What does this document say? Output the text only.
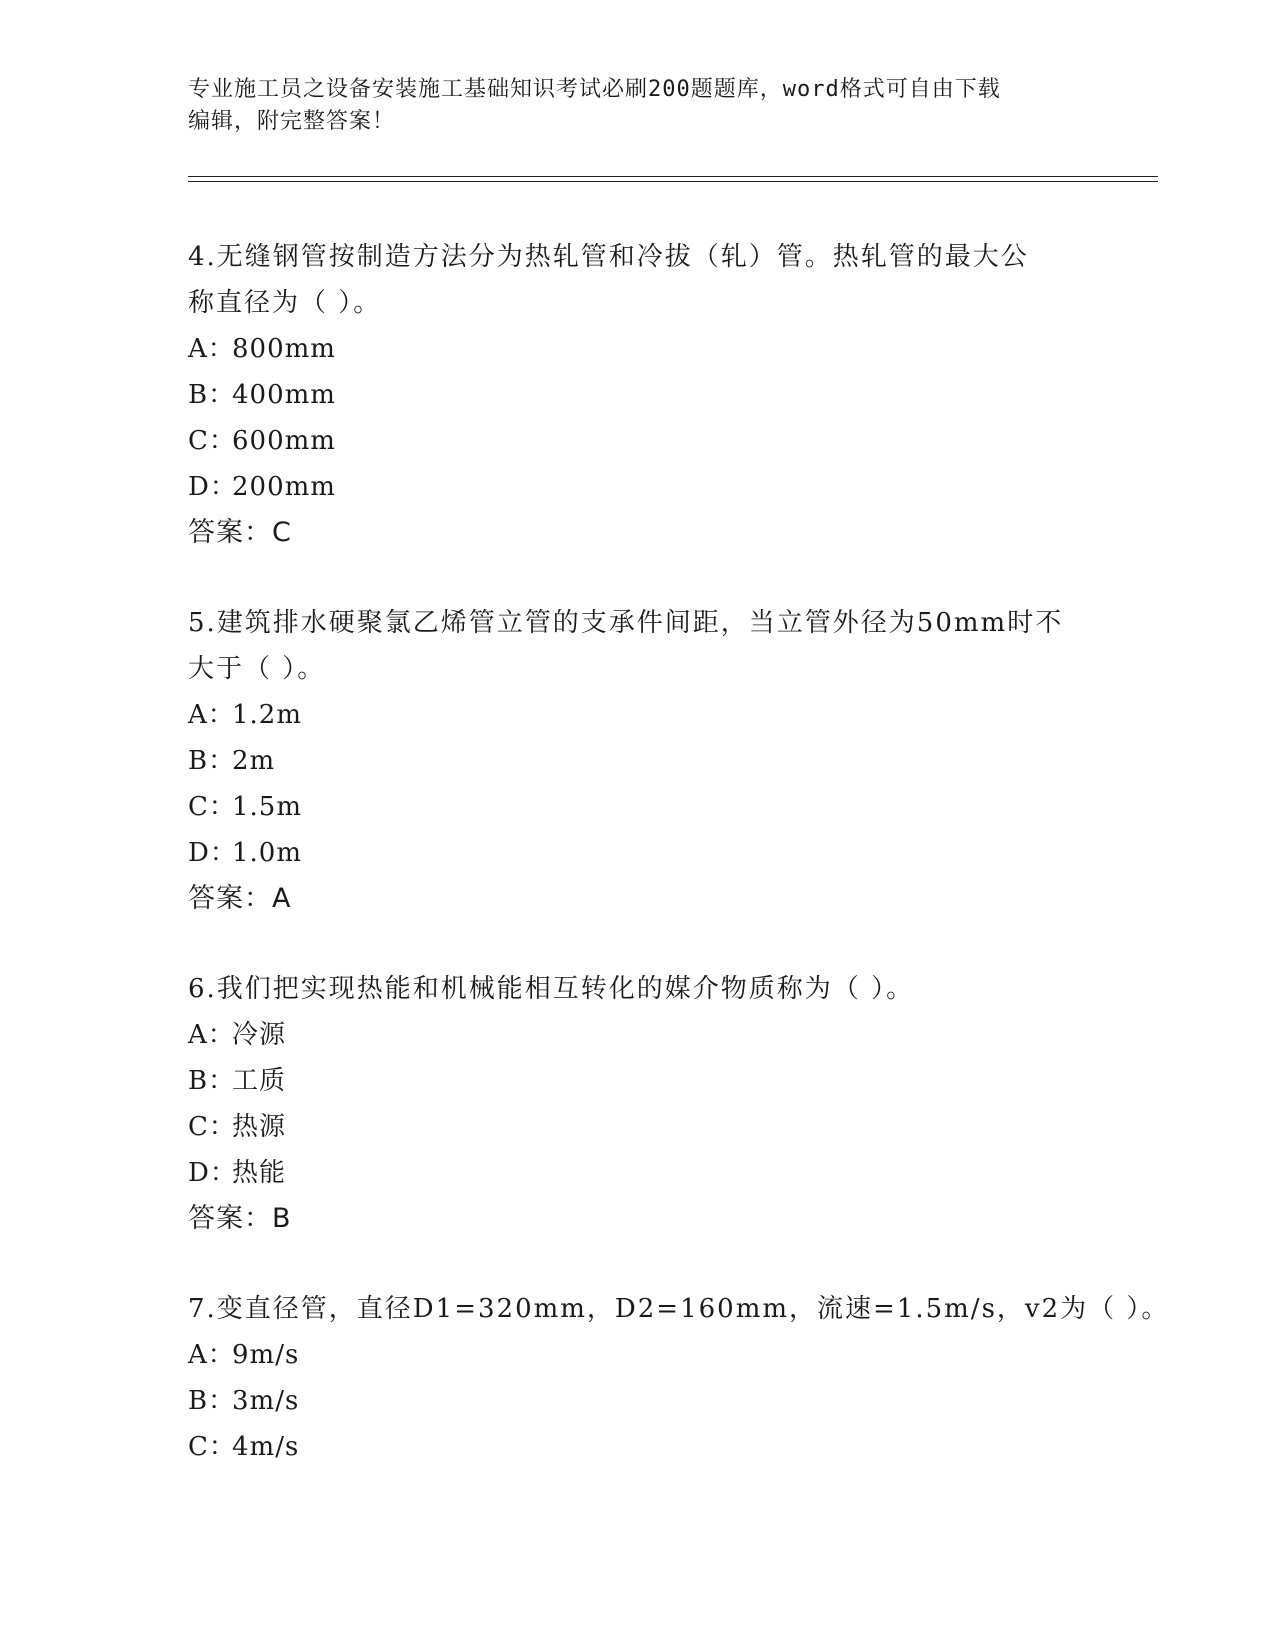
专业施工员之设备安装施工基础知识考试必刷200题题库，word格式可自由下载
编辑，附完整答案！

4.无缝钢管按制造方法分为热轧管和冷拔（轧）管。热轧管的最大公
称直径为（ ）。

A：800mm
B：400mm
C：600mm
D：200mm
答案：C

5.建筑排水硬聚氯乙烯管立管的支承件间距，当立管外径为50mm时不
大于（ ）。

A：1.2m
B：2m
C：1.5m
D：1.0m
答案：A

6.我们把实现热能和机械能相互转化的媒介物质称为（ ）。

A：冷源
B：工质
C：热源
D：热能
答案：B

7.变直径管，直径D1=320mm，D2=160mm，流速=1.5m/s，v2为（ ）。

A：9m/s
B：3m/s
C：4m/s
